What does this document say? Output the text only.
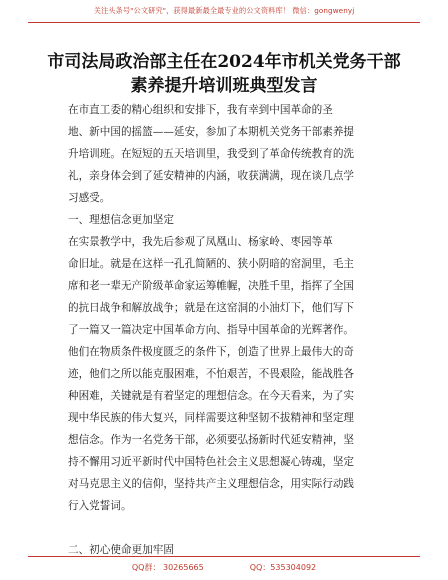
关注头条号"公文研究"，获得最新最全最专业的公文资料库！ 微信：gongwenyj
市司法局政治部主任在2024年市机关党务干部
素养提升培训班典型发言

在市直工委的精心组织和安排下，我有幸到中国革命的圣

地、新中国的摇篮——延安，参加了本期机关党务干部素养提

升培训班。在短短的五天培训里，我受到了革命传统教育的洗

礼，亲身体会到了延安精神的内涵，收获满满，现在谈几点学

习感受。

一、理想信念更加坚定

在实景教学中，我先后参观了凤凰山、杨家岭、枣园等革

命旧址。就是在这样一孔孔简陋的、狭小阴暗的窑洞里，毛主

席和老一辈无产阶级革命家运筹帷幄，决胜千里，指挥了全国

的抗日战争和解放战争；就是在这窑洞的小油灯下，他们写下

了一篇又一篇决定中国革命方向、指导中国革命的光辉著作。

他们在物质条件极度匮乏的条件下，创造了世界上最伟大的奇

迹，他们之所以能克服困难，不怕艰苦，不畏艰险，能战胜各

种困难，关键就是有着坚定的理想信念。在今天看来，为了实

现中华民族的伟大复兴，同样需要这种坚韧不拔精神和坚定理

想信念。作为一名党务干部，必须要弘扬新时代延安精神，坚

持不懈用习近平新时代中国特色社会主义思想凝心铸魂，坚定

对马克思主义的信仰，坚持共产主义理想信念，用实际行动践

行入党誓词。

二、初心使命更加牢固

QQ群： 30265665	QQ：535304092
